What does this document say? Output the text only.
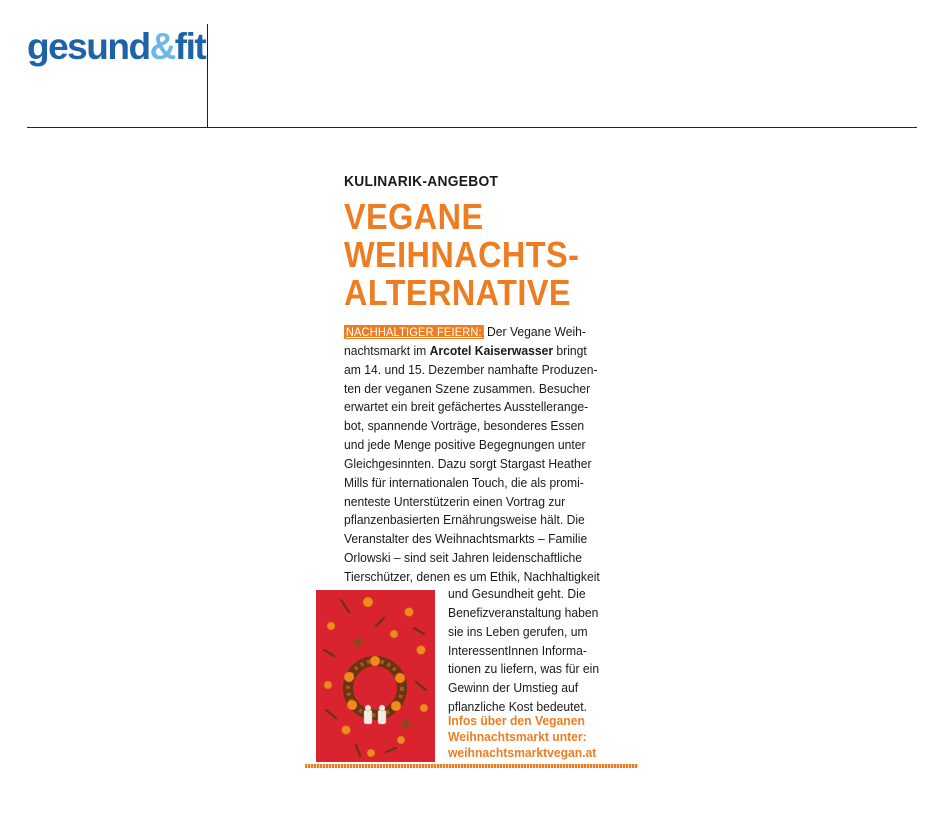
gesund&fit
KULINARIK-ANGEBOT
VEGANE
WEIHNACHTS-
ALTERNATIVE
NACHHALTIGER FEIERN: Der Vegane Weih-
nachtsmarkt im Arcotel Kaiserwasser bringt
am 14. und 15. Dezember namhafte Produzen-
ten der veganen Szene zusammen. Besucher
erwartet ein breit gefächertes Ausstellerange-
bot, spannende Vorträge, besonderes Essen
und jede Menge positive Begegnungen unter
Gleichgesinnten. Dazu sorgt Stargast Heather
Mills für internationalen Touch, die als promi-
nenteste Unterstützerin einen Vortrag zur
pflanzenbasierten Ernährungsweise hält. Die
Veranstalter des Weihnachtsmarkts – Familie
Orlowski – sind seit Jahren leidenschaftliche
Tierschützer, denen es um Ethik, Nachhaltigkeit
und Gesundheit geht. Die
Benefizveranstaltung haben
sie ins Leben gerufen, um
InteressentInnen Informa-
tionen zu liefern, was für ein
Gewinn der Umstieg auf
pflanzliche Kost bedeutet.
Infos über den Veganen
Weihnachtsmarkt unter:
weihnachtsmarktvegan.at
